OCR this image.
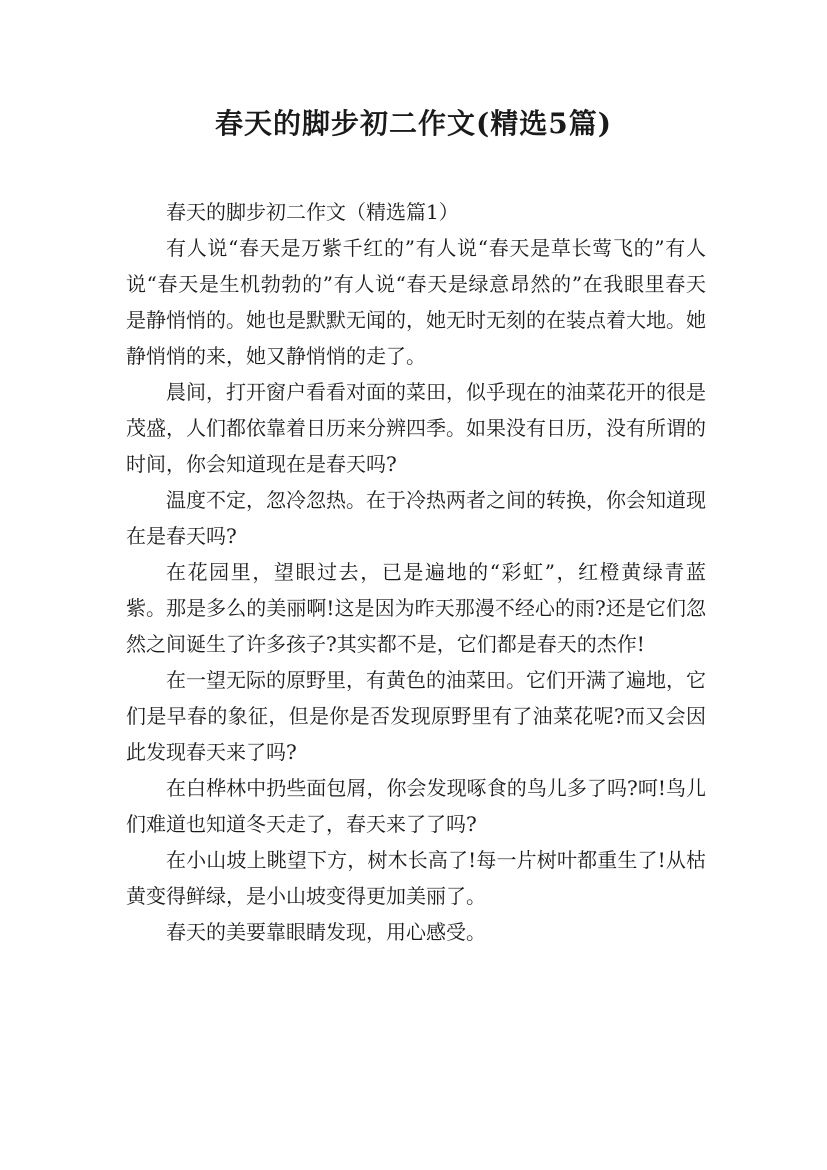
春天的脚步初二作文(精选5篇)

春天的脚步初二作文（精选篇1）

有人说“春天是万紫千红的”有人说“春天是草长莺飞的”有人说“春天是生机勃勃的”有人说“春天是绿意昂然的”在我眼里春天是静悄悄的。她也是默默无闻的，她无时无刻的在装点着大地。她静悄悄的来，她又静悄悄的走了。

晨间，打开窗户看看对面的菜田，似乎现在的油菜花开的很是茂盛，人们都依靠着日历来分辨四季。如果没有日历，没有所谓的时间，你会知道现在是春天吗?

温度不定，忽冷忽热。在于冷热两者之间的转换，你会知道现在是春天吗?

在花园里，望眼过去，已是遍地的“彩虹”，红橙黄绿青蓝紫。那是多么的美丽啊!这是因为昨天那漫不经心的雨?还是它们忽然之间诞生了许多孩子?其实都不是，它们都是春天的杰作!

在一望无际的原野里，有黄色的油菜田。它们开满了遍地，它们是早春的象征，但是你是否发现原野里有了油菜花呢?而又会因此发现春天来了吗?

在白桦林中扔些面包屑，你会发现啄食的鸟儿多了吗?呵!鸟儿们难道也知道冬天走了，春天来了了吗?

在小山坡上眺望下方，树木长高了!每一片树叶都重生了!从枯黄变得鲜绿，是小山坡变得更加美丽了。

春天的美要靠眼睛发现，用心感受。
